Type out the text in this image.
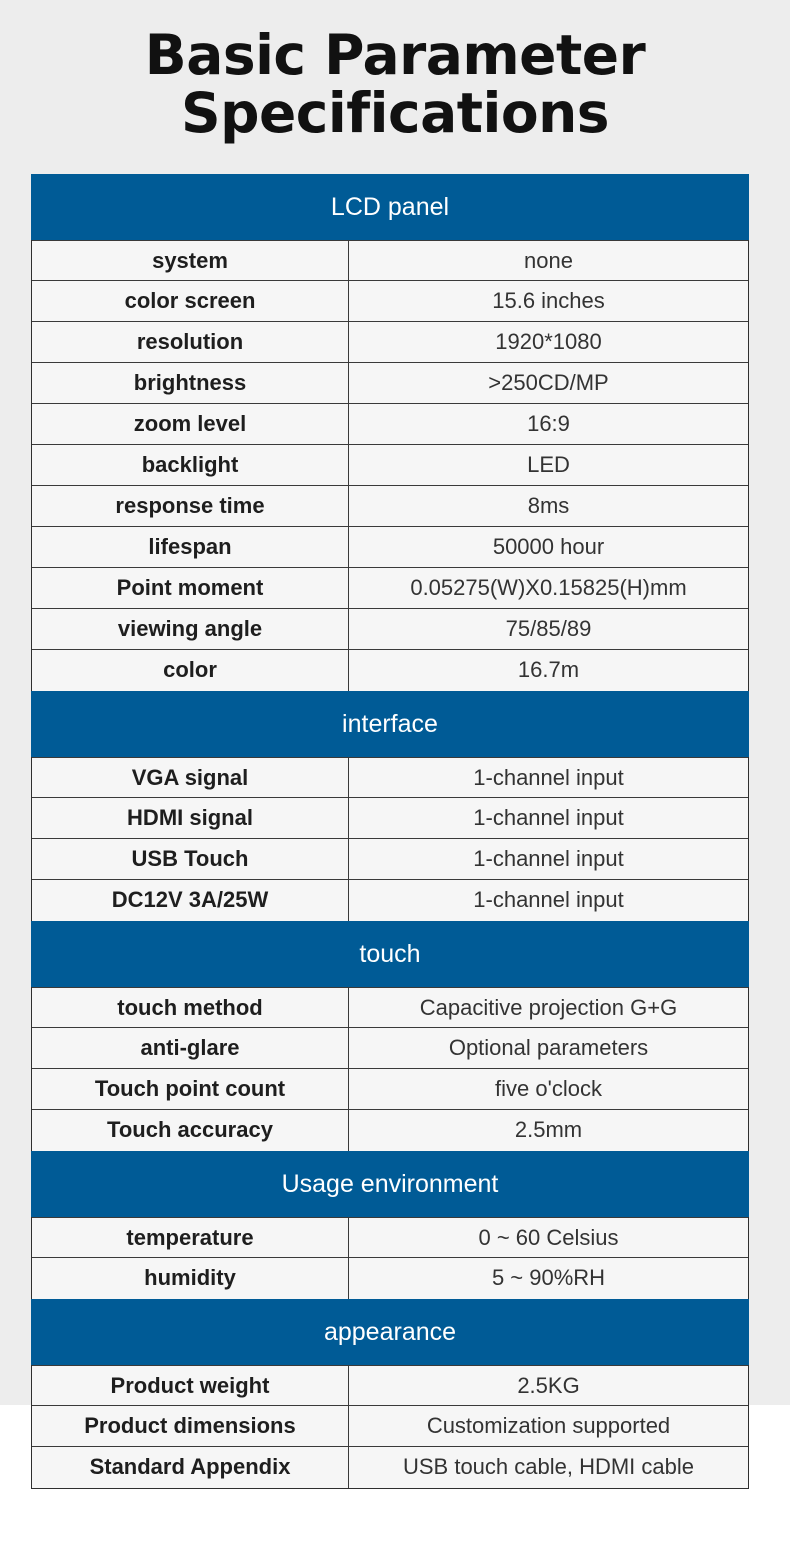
Basic Parameter
Specifications
LCD panel
system	none
color screen	15.6 inches
resolution	1920*1080
brightness	>250CD/MP
zoom level	16:9
backlight	LED
response time	8ms
lifespan	50000 hour
Point moment	0.05275(W)X0.15825(H)mm
viewing angle	75/85/89
color	16.7m
interface
VGA signal	1-channel input
HDMI signal	1-channel input
USB Touch	1-channel input
DC12V 3A/25W	1-channel input
touch
touch method	Capacitive projection G+G
anti-glare	Optional parameters
Touch point count	five o'clock
Touch accuracy	2.5mm
Usage environment
temperature	0 ~ 60 Celsius
humidity	5 ~ 90%RH
appearance
Product weight	2.5KG
Product dimensions	Customization supported
Standard Appendix	USB touch cable, HDMI cable
